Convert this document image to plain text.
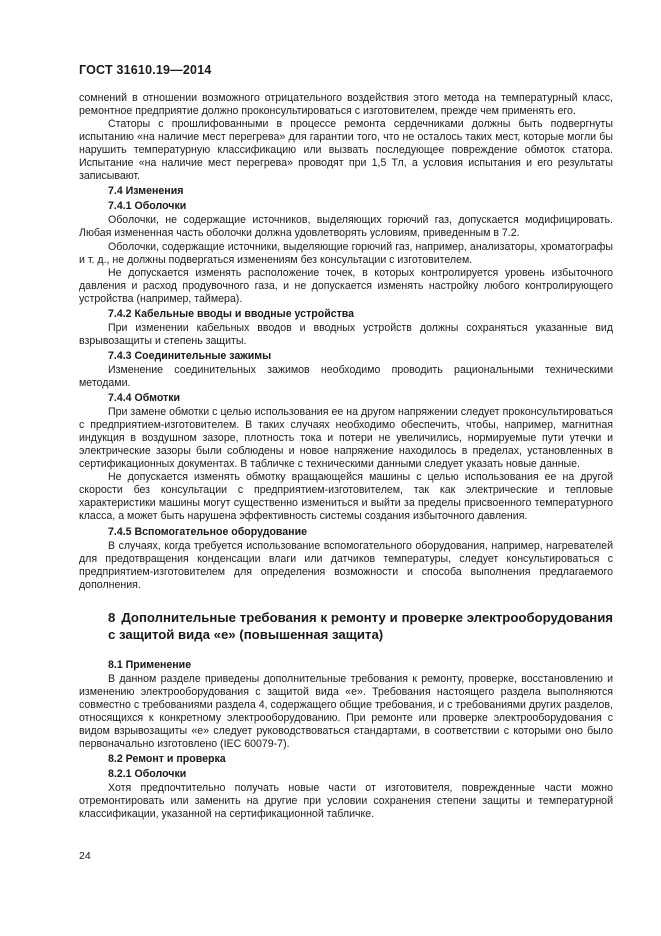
ГОСТ 31610.19—2014

сомнений в отношении возможного отрицательного воздействия этого метода на температурный класс, ремонтное предприятие должно проконсультироваться с изготовителем, прежде чем применять его.

Статоры с прошлифованными в процессе ремонта сердечниками должны быть подвергнуты испытанию «на наличие мест перегрева» для гарантии того, что не осталось таких мест, которые могли бы нарушить температурную классификацию или вызвать последующее повреждение обмоток статора. Испытание «на наличие мест перегрева» проводят при 1,5 Тл, а условия испытания и его результаты записывают.

7.4 Изменения

7.4.1 Оболочки

Оболочки, не содержащие источников, выделяющих горючий газ, допускается модифицировать. Любая измененная часть оболочки должна удовлетворять условиям, приведенным в 7.2.

Оболочки, содержащие источники, выделяющие горючий газ, например, анализаторы, хроматографы и т. д., не должны подвергаться изменениям без консультации с изготовителем.

Не допускается изменять расположение точек, в которых контролируется уровень избыточного давления и расход продувочного газа, и не допускается изменять настройку любого контролирующего устройства (например, таймера).

7.4.2 Кабельные вводы и вводные устройства

При изменении кабельных вводов и вводных устройств должны сохраняться указанные вид взрывозащиты и степень защиты.

7.4.3 Соединительные зажимы

Изменение соединительных зажимов необходимо проводить рациональными техническими методами.

7.4.4 Обмотки

При замене обмотки с целью использования ее на другом напряжении следует проконсультироваться с предприятием-изготовителем. В таких случаях необходимо обеспечить, чтобы, например, магнитная индукция в воздушном зазоре, плотность тока и потери не увеличились, нормируемые пути утечки и электрические зазоры были соблюдены и новое напряжение находилось в пределах, установленных в сертификационных документах. В табличке с техническими данными следует указать новые данные.

Не допускается изменять обмотку вращающейся машины с целью использования ее на другой скорости без консультации с предприятием-изготовителем, так как электрические и тепловые характеристики машины могут существенно измениться и выйти за пределы присвоенного температурного класса, а может быть нарушена эффективность системы создания избыточного давления.

7.4.5 Вспомогательное оборудование

В случаях, когда требуется использование вспомогательного оборудования, например, нагревателей для предотвращения конденсации влаги или датчиков температуры, следует консультироваться с предприятием-изготовителем для определения возможности и способа выполнения предлагаемого дополнения.

8 Дополнительные требования к ремонту и проверке электрооборудования с защитой вида «е» (повышенная защита)

8.1 Применение

В данном разделе приведены дополнительные требования к ремонту, проверке, восстановлению и изменению электрооборудования с защитой вида «е». Требования настоящего раздела выполняются совместно с требованиями раздела 4, содержащего общие требования, и с требованиями других разделов, относящихся к конкретному электрооборудованию. При ремонте или проверке электрооборудования с видом взрывозащиты «е» следует руководствоваться стандартами, в соответствии с которыми оно было первоначально изготовлено (IEC 60079-7).

8.2 Ремонт и проверка

8.2.1 Оболочки

Хотя предпочтительно получать новые части от изготовителя, поврежденные части можно отремонтировать или заменить на другие при условии сохранения степени защиты и температурной классификации, указанной на сертификационной табличке.

24
